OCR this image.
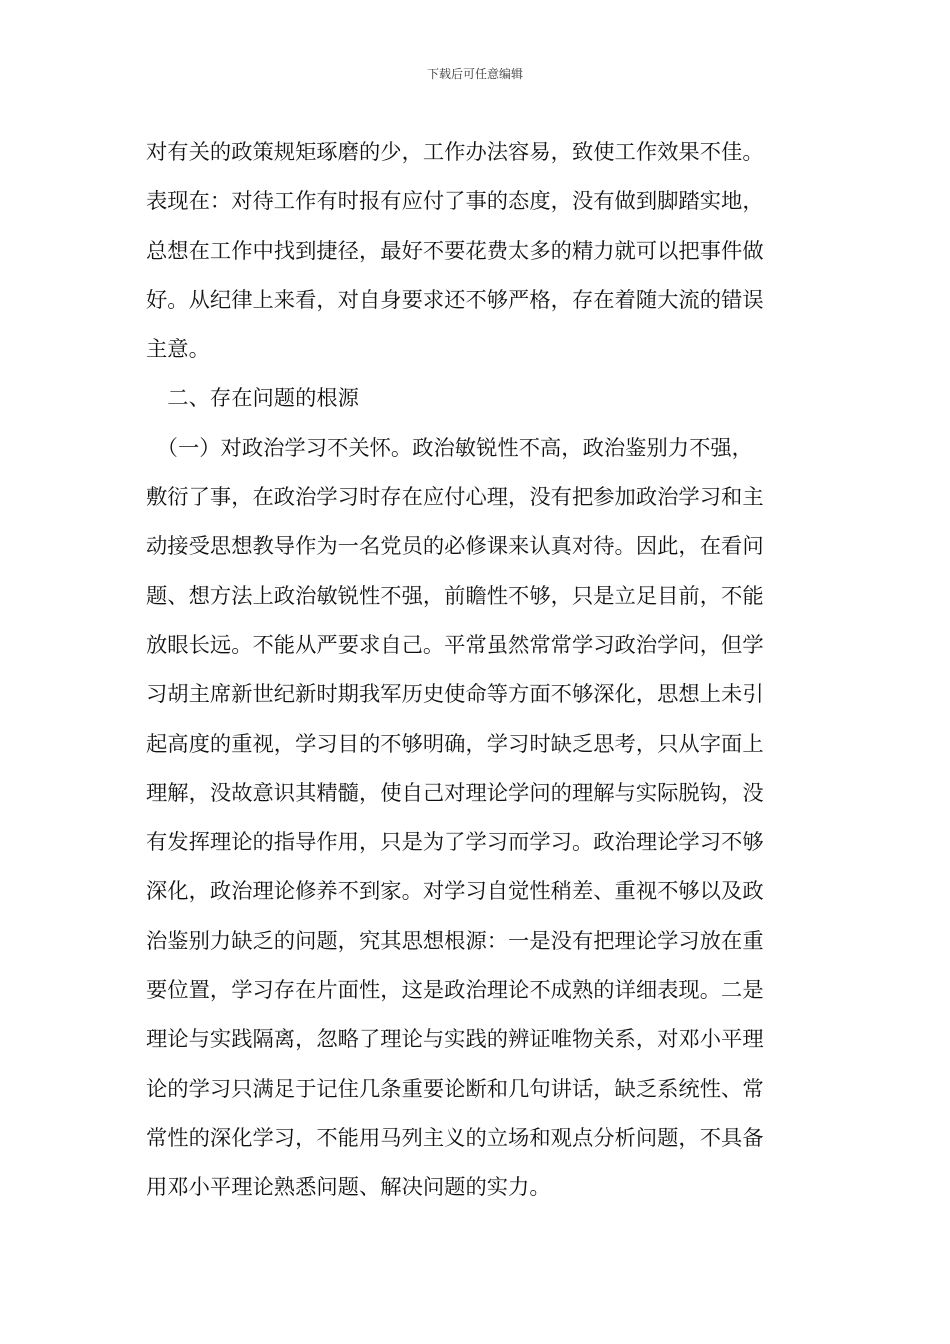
下载后可任意编辑
对有关的政策规矩琢磨的少，工作办法容易，致使工作效果不佳。
表现在：对待工作有时报有应付了事的态度，没有做到脚踏实地，
总想在工作中找到捷径，最好不要花费太多的精力就可以把事件做
好。从纪律上来看，对自身要求还不够严格，存在着随大流的错误
主意。
　二、存在问题的根源
　（一）对政治学习不关怀。政治敏锐性不高，政治鉴别力不强，
敷衍了事，在政治学习时存在应付心理，没有把参加政治学习和主
动接受思想教导作为一名党员的必修课来认真对待。因此，在看问
题、想方法上政治敏锐性不强，前瞻性不够，只是立足目前，不能
放眼长远。不能从严要求自己。平常虽然常常学习政治学问，但学
习胡主席新世纪新时期我军历史使命等方面不够深化，思想上未引
起高度的重视，学习目的不够明确，学习时缺乏思考，只从字面上
理解，没故意识其精髓，使自己对理论学问的理解与实际脱钩，没
有发挥理论的指导作用，只是为了学习而学习。政治理论学习不够
深化，政治理论修养不到家。对学习自觉性稍差、重视不够以及政
治鉴别力缺乏的问题，究其思想根源：一是没有把理论学习放在重
要位置，学习存在片面性，这是政治理论不成熟的详细表现。二是
理论与实践隔离，忽略了理论与实践的辨证唯物关系，对邓小平理
论的学习只满足于记住几条重要论断和几句讲话，缺乏系统性、常
常性的深化学习，不能用马列主义的立场和观点分析问题，不具备
用邓小平理论熟悉问题、解决问题的实力。
